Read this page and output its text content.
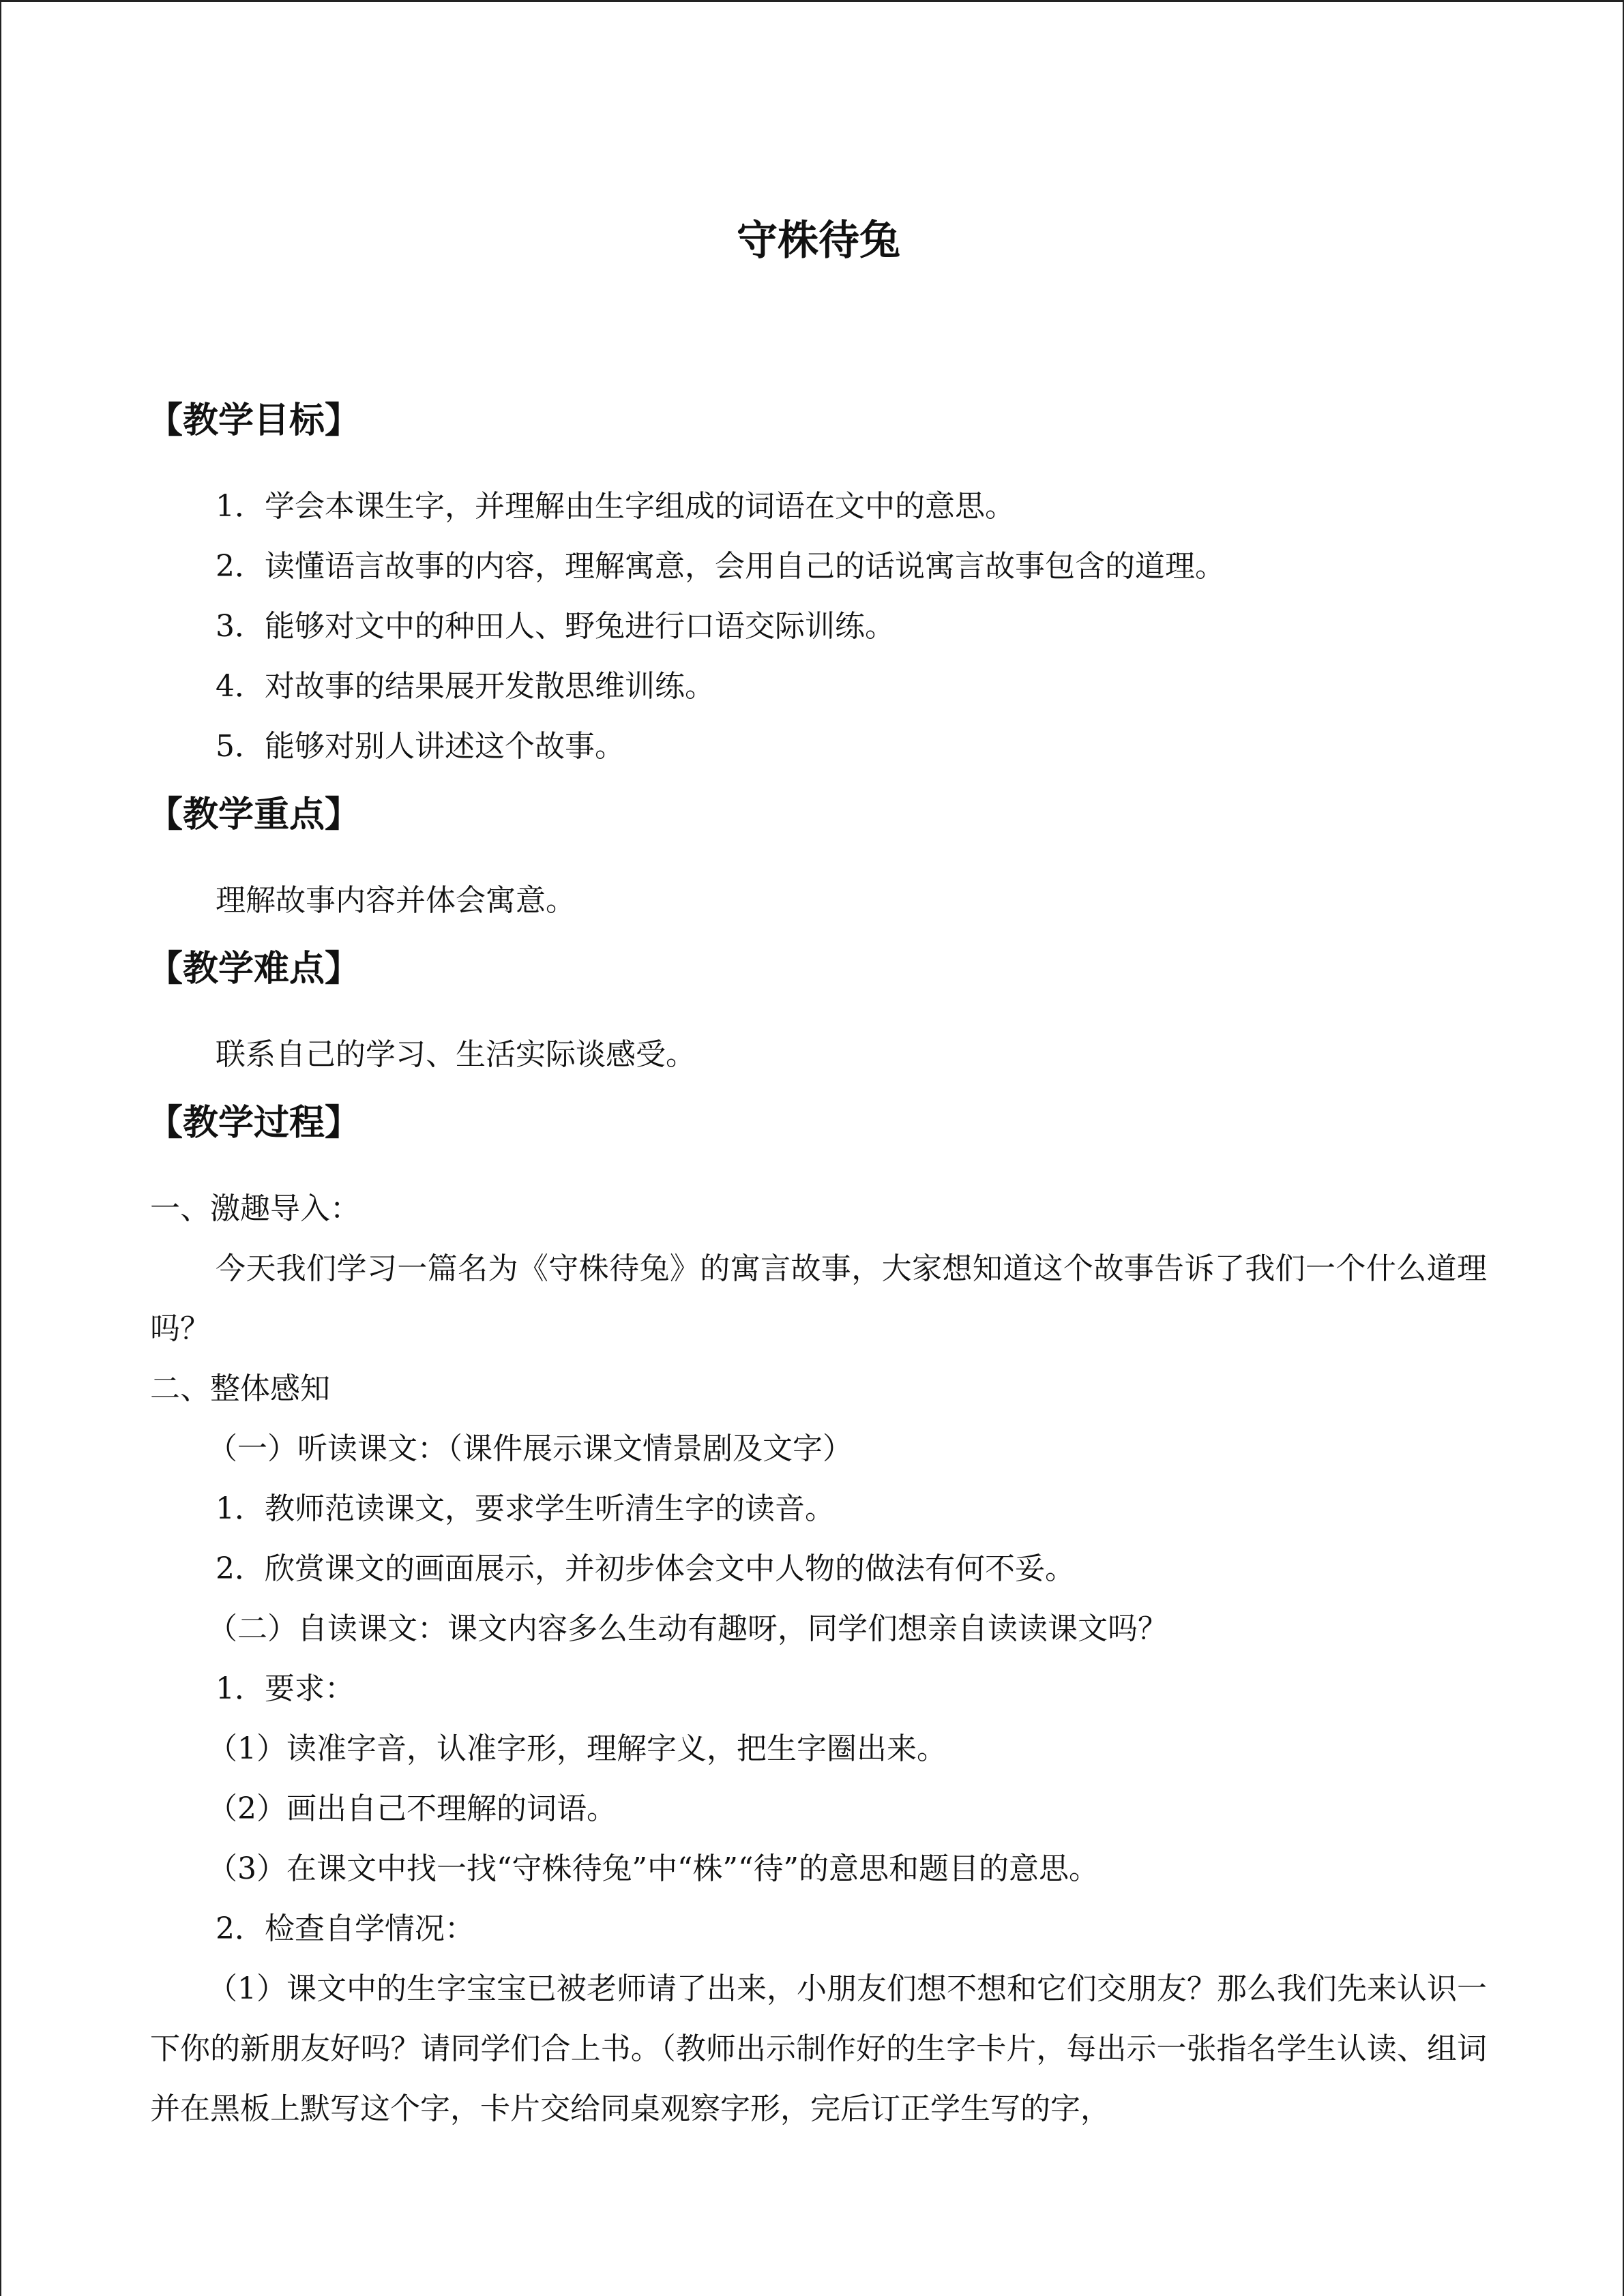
守株待兔
【教学目标】
1．学会本课生字，并理解由生字组成的词语在文中的意思。
2．读懂语言故事的内容，理解寓意，会用自己的话说寓言故事包含的道理。
3．能够对文中的种田人、野兔进行口语交际训练。
4．对故事的结果展开发散思维训练。
5．能够对别人讲述这个故事。
【教学重点】
理解故事内容并体会寓意。
【教学难点】
联系自己的学习、生活实际谈感受。
【教学过程】
一、激趣导入：

今天我们学习一篇名为《守株待兔》的寓言故事，大家想知道这个故事告诉了我们一个什么道理吗？

二、整体感知
（一）听读课文：（课件展示课文情景剧及文字）
1．教师范读课文，要求学生听清生字的读音。
2．欣赏课文的画面展示，并初步体会文中人物的做法有何不妥。
（二）自读课文：课文内容多么生动有趣呀，同学们想亲自读读课文吗？
1．要求：
（1）读准字音，认准字形，理解字义，把生字圈出来。
（2）画出自己不理解的词语。
（3）在课文中找一找“守株待兔”中“株”“待”的意思和题目的意思。
2．检查自学情况：

（1）课文中的生字宝宝已被老师请了出来，小朋友们想不想和它们交朋友？那么我们先来认识一下你的新朋友好吗？请同学们合上书。（教师出示制作好的生字卡片，每出示一张指名学生认读、组词并在黑板上默写这个字，卡片交给同桌观察字形，完后订正学生写的字，
